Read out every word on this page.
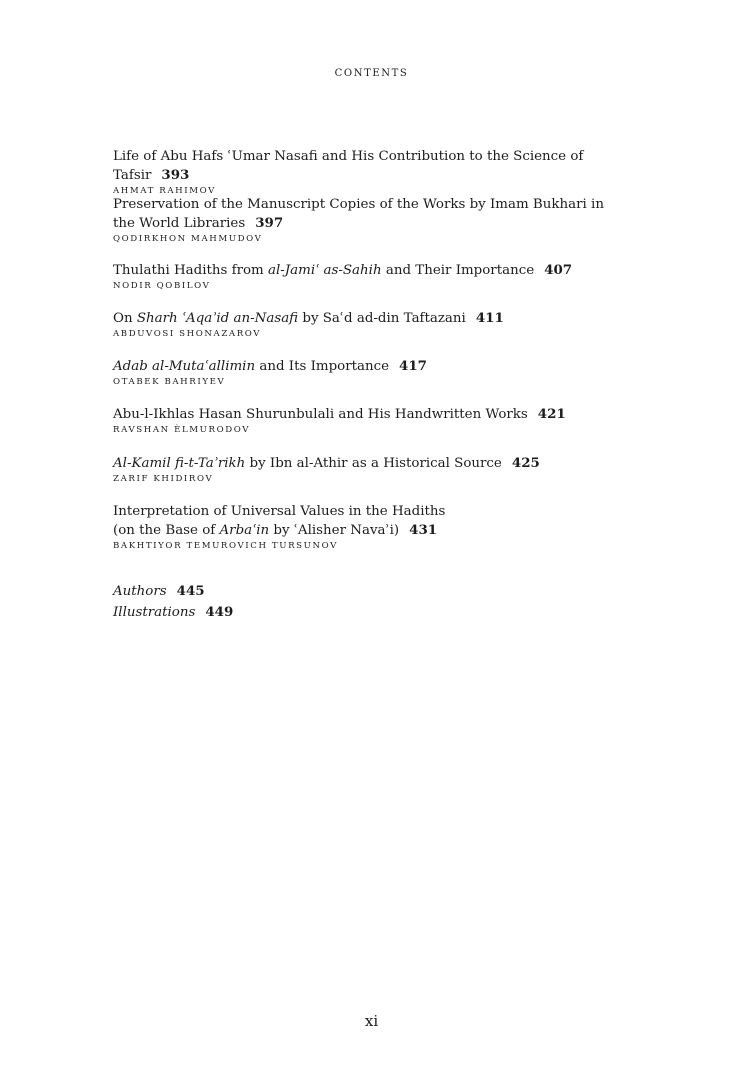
CONTENTS
Life of Abu Hafs ʿUmar Nasafi and His Contribution to the Science of Tafsir 393
AHMAT RAHIMOV
Preservation of the Manuscript Copies of the Works by Imam Bukhari in the World Libraries 397
QODIRKHON MAHMUDOV
Thulathi Hadiths from al-Jamiʿ as-Sahih and Their Importance 407
NODIR QOBILOV
On Sharh ʿAqaʾid an-Nasafi by Saʿd ad-din Taftazani 411
ABDUVOSI SHONAZAROV
Adab al-Mutaʿallimin and Its Importance 417
OTABEK BAHRIYEV
Abu-l-Ikhlas Hasan Shurunbulali and His Handwritten Works 421
RAVSHAN ÈLMURODOV
Al-Kamil fi-t-Taʾrikh by Ibn al-Athir as a Historical Source 425
ZARIF KHIDIROV
Interpretation of Universal Values in the Hadiths
(on the Base of Arbaʿin by ʿAlisher Navaʾi) 431
BAKHTIYOR TEMUROVICH TURSUNOV
Authors 445
Illustrations 449
xi
